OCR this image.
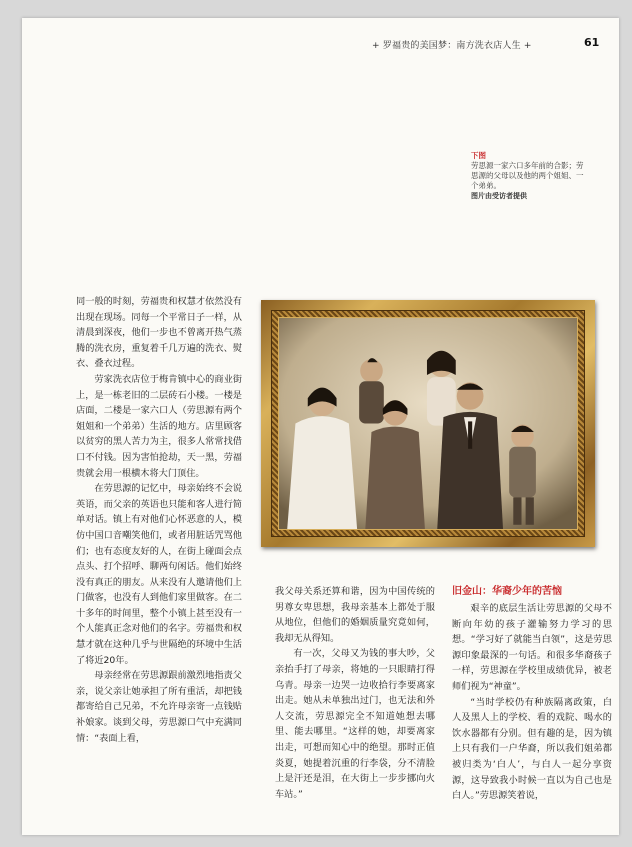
+ 罗福贵的美国梦：南方洗衣店人生 +	61
下图
劳思源一家六口多年前的合影；劳思源的父母以及他的两个姐姐、一个弟弟。
图片由受访者提供

同一般的时刻，劳福贵和权慧才依然没有出现在现场。同每一个平常日子一样，从清晨到深夜，他们一步也不曾离开热气蒸腾的洗衣房，重复着千几万遍的洗衣、熨衣、叠衣过程。

劳家洗衣店位于梅肯镇中心的商业街上，是一栋老旧的二层砖石小楼。一楼是店面，二楼是一家六口人（劳思源有两个姐姐和一个弟弟）生活的地方。店里顾客以贫穷的黑人苦力为主，很多人常常找借口不付钱。因为害怕抢劫，天一黑，劳福贵就会用一根横木将大门顶住。

在劳思源的记忆中，母亲始终不会说英语，而父亲的英语也只能和客人进行简单对话。镇上有对他们心怀恶意的人，模仿中国口音嘲笑他们，或者用脏话咒骂他们；也有态度友好的人，在街上碰面会点点头、打个招呼、聊两句闲话。他们始终没有真正的朋友。从来没有人邀请他们上门做客，也没有人到他们家里做客。在二十多年的时间里，整个小镇上甚至没有一个人能真正念对他们的名字。劳福贵和权慧才就在这种几乎与世隔绝的环境中生活了将近20年。

母亲经常在劳思源跟前激烈地指责父亲，说父亲让她承担了所有重活，却把钱都寄给自己兄弟，不允许母亲寄一点钱贴补娘家。谈到父母，劳思源口气中充满同情：“表面上看，

我父母关系还算和谐，因为中国传统的男尊女卑思想，我母亲基本上都处于服从地位，但他们的婚姻质量究竟如何，我却无从得知。

有一次，父母又为钱的事大吵，父亲抬手打了母亲，将她的一只眼睛打得乌青。母亲一边哭一边收拾行李要离家出走。她从未单独出过门，也无法和外人交流，劳思源完全不知道她想去哪里、能去哪里。“这样的她，却要离家出走，可想而知心中的绝望。那时正值炎夏，她提着沉重的行李袋，分不清脸上是汗还是泪，在大街上一步步挪向火车站。”

旧金山：华裔少年的苦恼

艰辛的底层生活让劳思源的父母不断向年幼的孩子灌输努力学习的思想。“学习好了就能当白领”，这是劳思源印象最深的一句话。和很多华裔孩子一样，劳思源在学校里成绩优异，被老师们视为“神童”。

“当时学校仍有种族隔离政策，白人及黑人上的学校、看的戏院、喝水的饮水器都有分别。但有趣的是，因为镇上只有我们一户华裔，所以我们姐弟都被归类为‘白人’，与白人一起分享资源，这导致我小时候一直以为自己也是白人。”劳思源笑着说，
